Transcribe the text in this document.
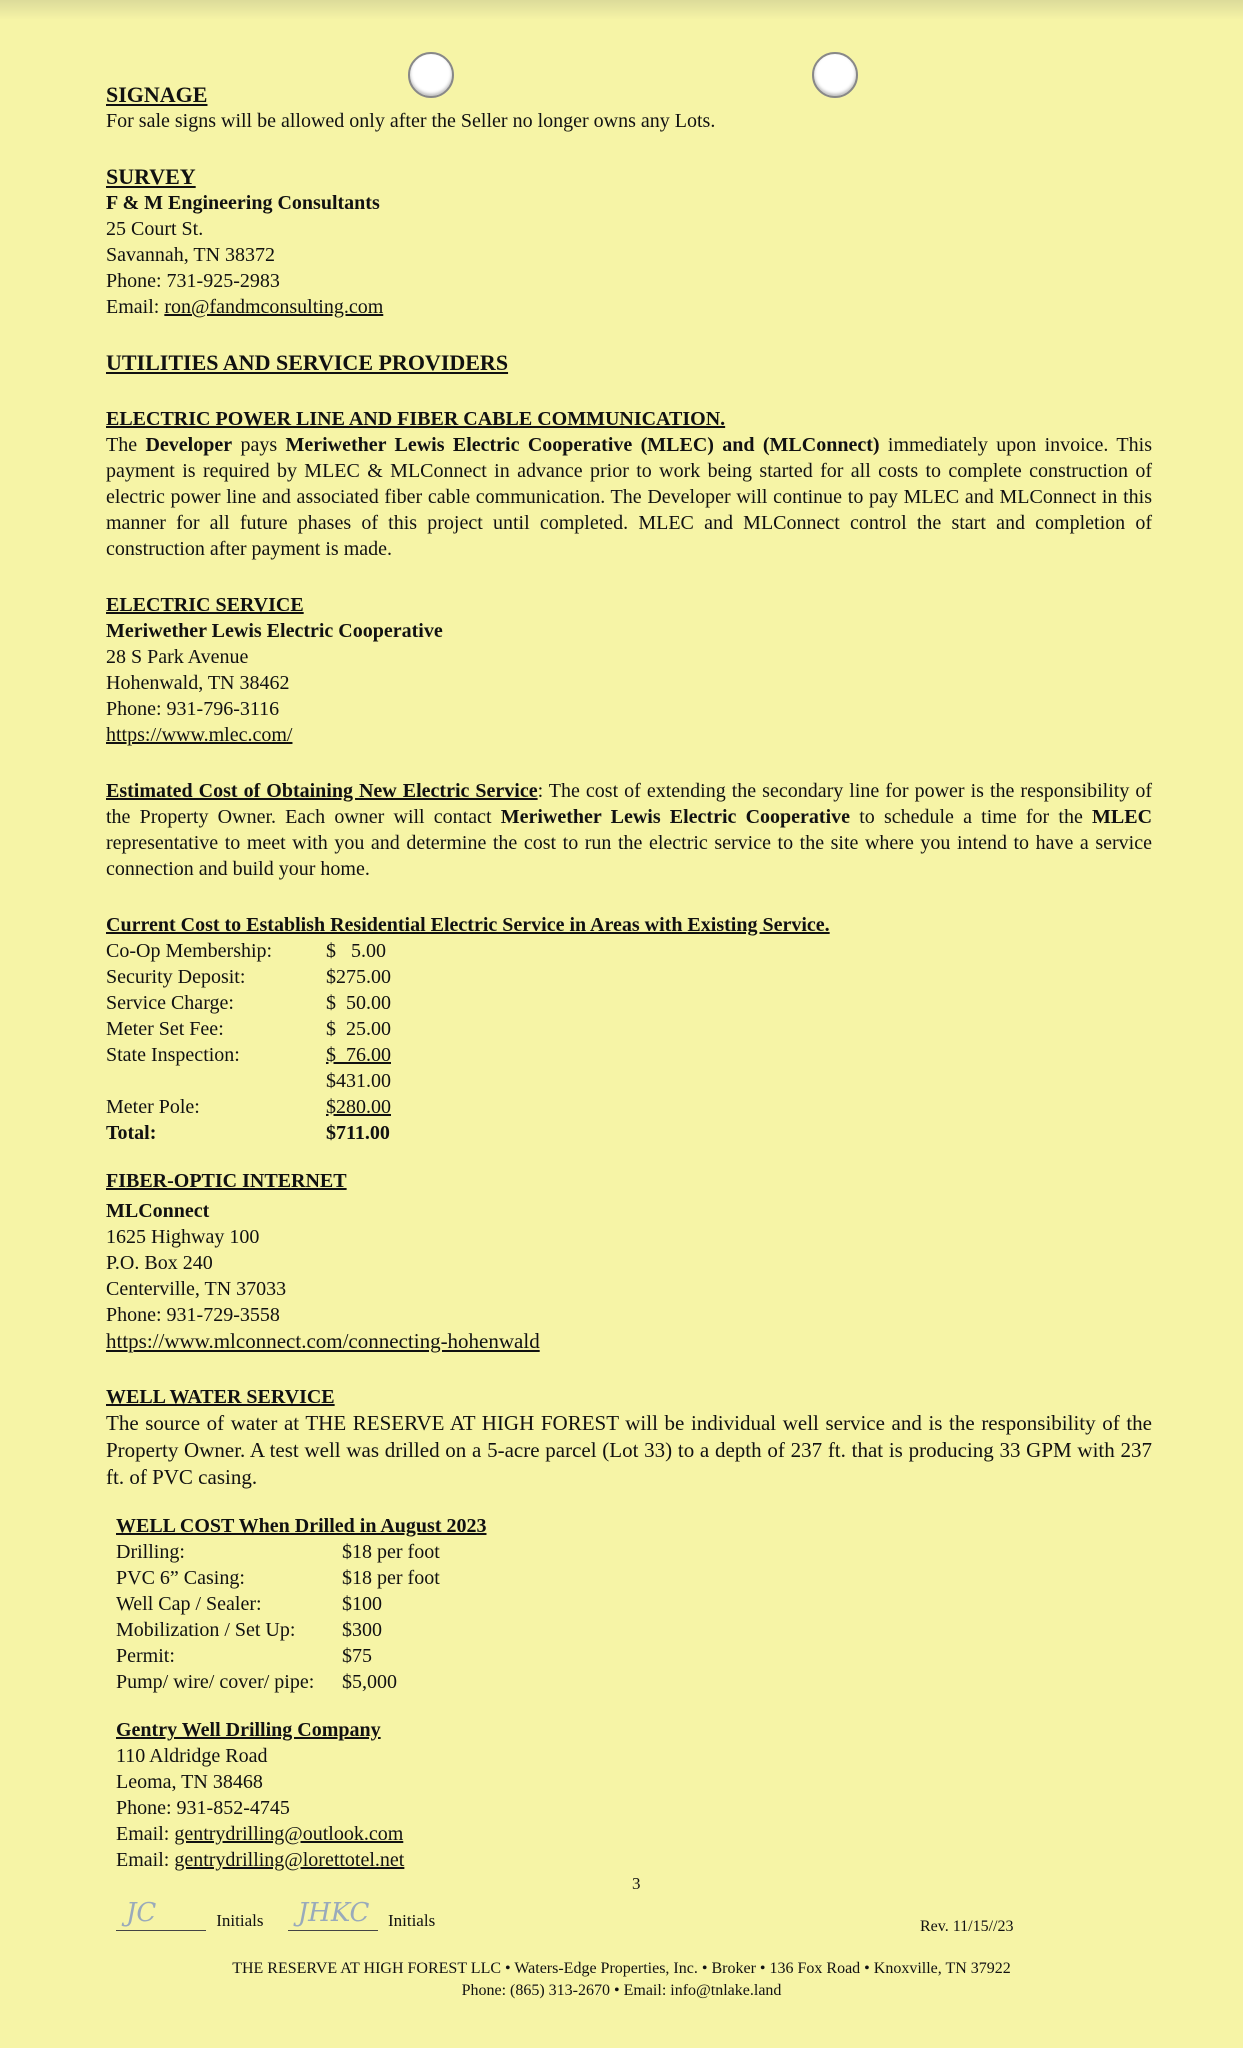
SIGNAGE
For sale signs will be allowed only after the Seller no longer owns any Lots.
SURVEY
F & M Engineering Consultants
25 Court St.
Savannah, TN 38372
Phone: 731-925-2983
Email: ron@fandmconsulting.com
UTILITIES AND SERVICE PROVIDERS
ELECTRIC POWER LINE AND FIBER CABLE COMMUNICATION.

The Developer pays Meriwether Lewis Electric Cooperative (MLEC) and (MLConnect) immediately upon invoice. This payment is required by MLEC & MLConnect in advance prior to work being started for all costs to complete construction of electric power line and associated fiber cable communication. The Developer will continue to pay MLEC and MLConnect in this manner for all future phases of this project until completed. MLEC and MLConnect control the start and completion of construction after payment is made.

ELECTRIC SERVICE
Meriwether Lewis Electric Cooperative
28 S Park Avenue
Hohenwald, TN 38462
Phone: 931-796-3116
https://www.mlec.com/

Estimated Cost of Obtaining New Electric Service: The cost of extending the secondary line for power is the responsibility of the Property Owner. Each owner will contact Meriwether Lewis Electric Cooperative to schedule a time for the MLEC representative to meet with you and determine the cost to run the electric service to the site where you intend to have a service connection and build your home.

Current Cost to Establish Residential Electric Service in Areas with Existing Service.
Co-Op Membership:	$   5.00
Security Deposit:	$275.00
Service Charge:	$  50.00
Meter Set Fee:	$  25.00
State Inspection:	$  76.00
$431.00
Meter Pole:	$280.00
Total:	$711.00
FIBER-OPTIC INTERNET
MLConnect
1625 Highway 100
P.O. Box 240
Centerville, TN 37033
Phone: 931-729-3558
https://www.mlconnect.com/connecting-hohenwald
WELL WATER SERVICE

The source of water at THE RESERVE AT HIGH FOREST will be individual well service and is the responsibility of the Property Owner. A test well was drilled on a 5-acre parcel (Lot 33) to a depth of 237 ft. that is producing 33 GPM with 237 ft. of PVC casing.

WELL COST When Drilled in August 2023
Drilling:	$18 per foot
PVC 6” Casing:	$18 per foot
Well Cap / Sealer:	$100
Mobilization / Set Up:	$300
Permit:	$75
Pump/ wire/ cover/ pipe:	$5,000
Gentry Well Drilling Company
110 Aldridge Road
Leoma, TN 38468
Phone: 931-852-4745
Email: gentrydrilling@outlook.com
Email: gentrydrilling@lorettotel.net
3
JC	Initials JHKC Initials	Rev. 11/15//23
THE RESERVE AT HIGH FOREST LLC • Waters-Edge Properties, Inc. • Broker • 136 Fox Road • Knoxville, TN 37922
Phone: (865) 313-2670 • Email: info@tnlake.land
